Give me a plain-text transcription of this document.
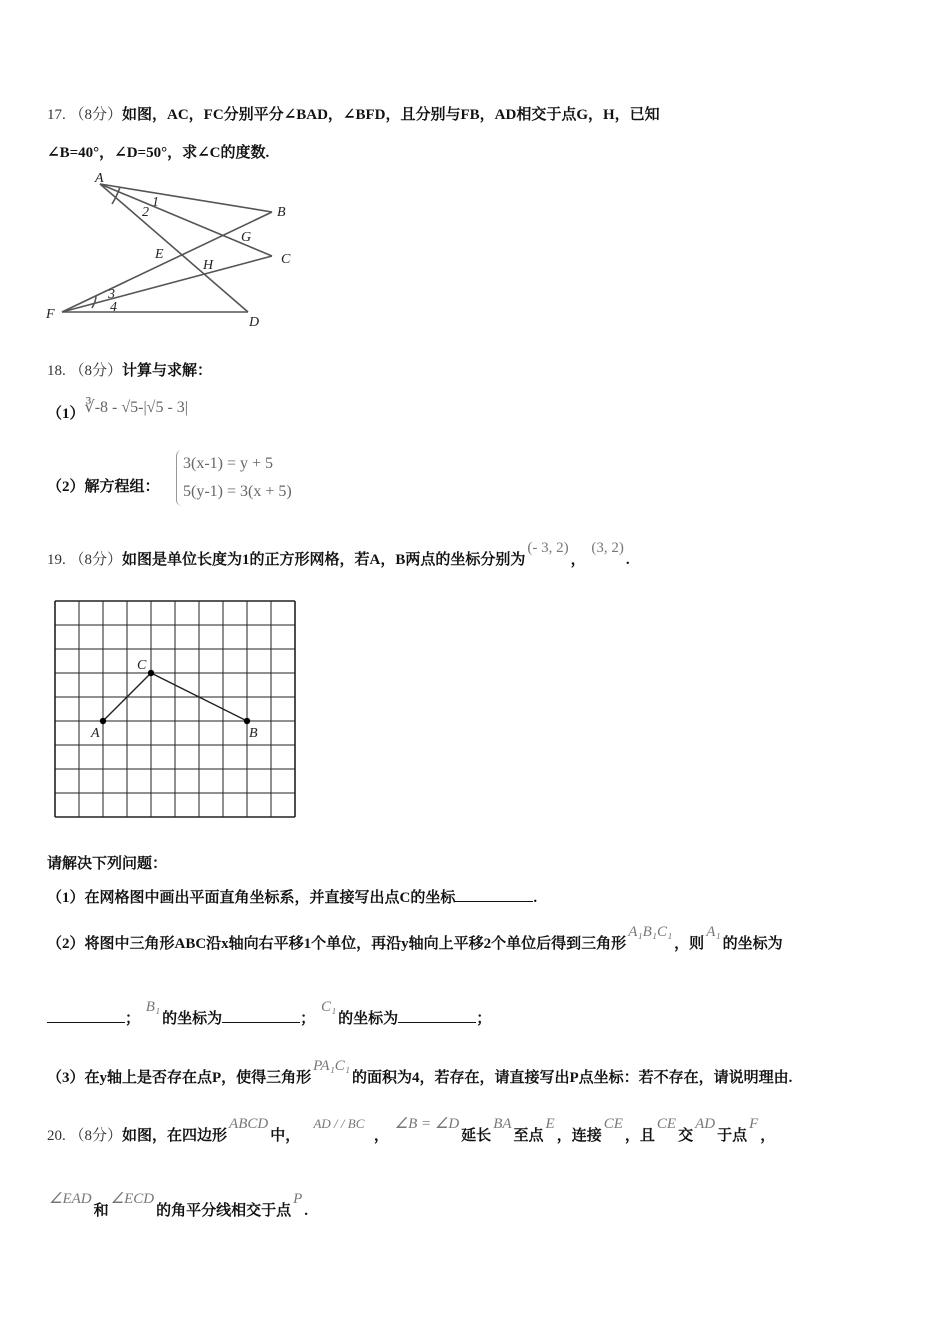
17. （8分）如图，AC，FC分别平分∠BAD，∠BFD，且分别与FB，AD相交于点G，H，已知
∠B=40°，∠D=50°，求∠C的度数.
A
B
C
D
E
F
G
H
1
2
3
4
18. （8分）计算与求解：
（1）∛-8 - √5-|√5 - 3|
（2）解方程组：
3(x-1) = y + 5
5(y-1) = 3(x + 5)
19. （8分）如图是单位长度为1的正方形网格，若A，B两点的坐标分别为(- 3, 2)， (3, 2).
A	B
C
请解决下列问题：
（1）在网格图中画出平面直角坐标系，并直接写出点C的坐标	.
（2）将图中三角形ABC沿x轴向右平移1个单位，再沿y轴向上平移2个单位后得到三角形A₁B₁C₁，则A₁的坐标为
； B₁的坐标为	； C₁的坐标为	；
（3）在y轴上是否存在点P，使得三角形PA₁C₁的面积为4，若存在，请直接写出P点坐标：若不存在，请说明理由.
20. （8分）如图，在四边形ABCD中，   AD / / BC  ， ∠B = ∠D延长BA至点E，连接CE，且CE交AD于点F，
∠EAD和∠ECD的角平分线相交于点P.
